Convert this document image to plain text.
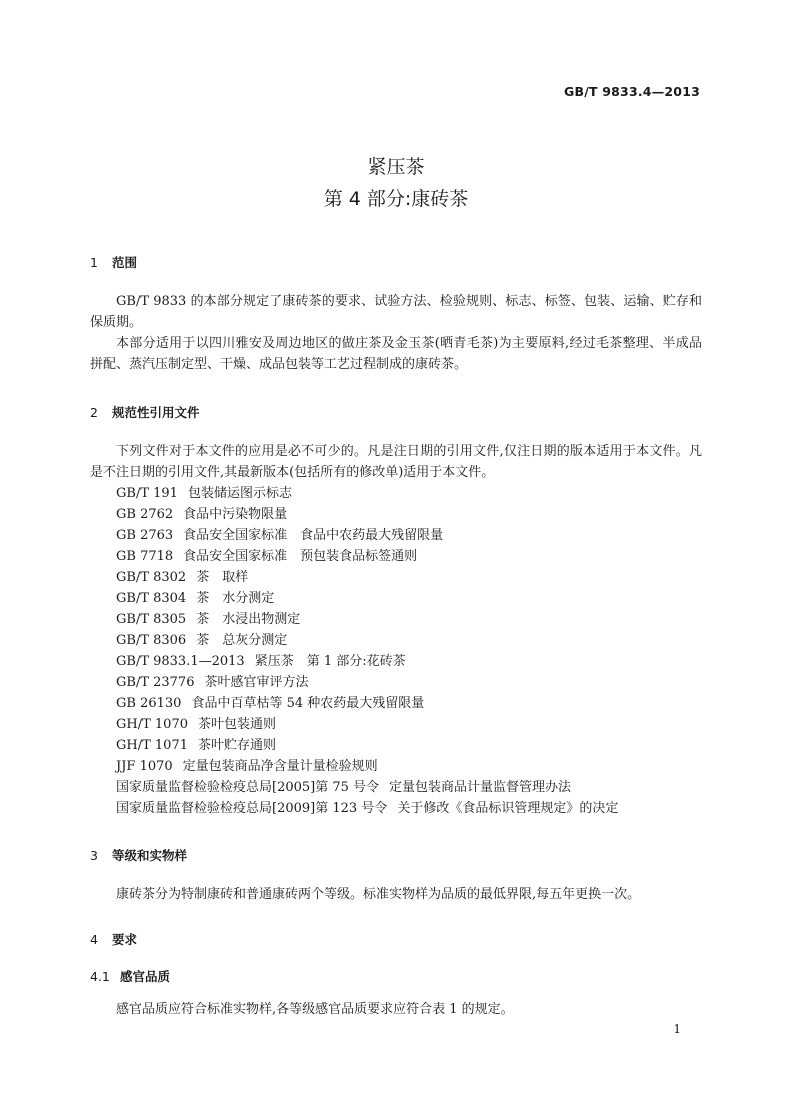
GB/T 9833.4—2013
紧压茶
第 4 部分:康砖茶
1 范围

GB/T 9833 的本部分规定了康砖茶的要求、试验方法、检验规则、标志、标签、包装、运输、贮存和保质期。

本部分适用于以四川雅安及周边地区的做庄茶及金玉茶(晒青毛茶)为主要原料,经过毛茶整理、半成品拼配、蒸汽压制定型、干燥、成品包装等工艺过程制成的康砖茶。

2 规范性引用文件

下列文件对于本文件的应用是必不可少的。凡是注日期的引用文件,仅注日期的版本适用于本文件。凡是不注日期的引用文件,其最新版本(包括所有的修改单)适用于本文件。

GB/T 191 包装储运图示标志
GB 2762 食品中污染物限量
GB 2763 食品安全国家标准　食品中农药最大残留限量
GB 7718 食品安全国家标准　预包装食品标签通则
GB/T 8302 茶　取样
GB/T 8304 茶　水分测定
GB/T 8305 茶　水浸出物测定
GB/T 8306 茶　总灰分测定
GB/T 9833.1—2013 紧压茶　第 1 部分:花砖茶
GB/T 23776 茶叶感官审评方法
GB 26130 食品中百草枯等 54 种农药最大残留限量
GH/T 1070 茶叶包装通则
GH/T 1071 茶叶贮存通则
JJF 1070 定量包装商品净含量计量检验规则
国家质量监督检验检疫总局[2005]第 75 号令 定量包装商品计量监督管理办法
国家质量监督检验检疫总局[2009]第 123 号令 关于修改《食品标识管理规定》的决定
3 等级和实物样

康砖茶分为特制康砖和普通康砖两个等级。标准实物样为品质的最低界限,每五年更换一次。

4 要求
4.1 感官品质

感官品质应符合标准实物样,各等级感官品质要求应符合表 1 的规定。

1
